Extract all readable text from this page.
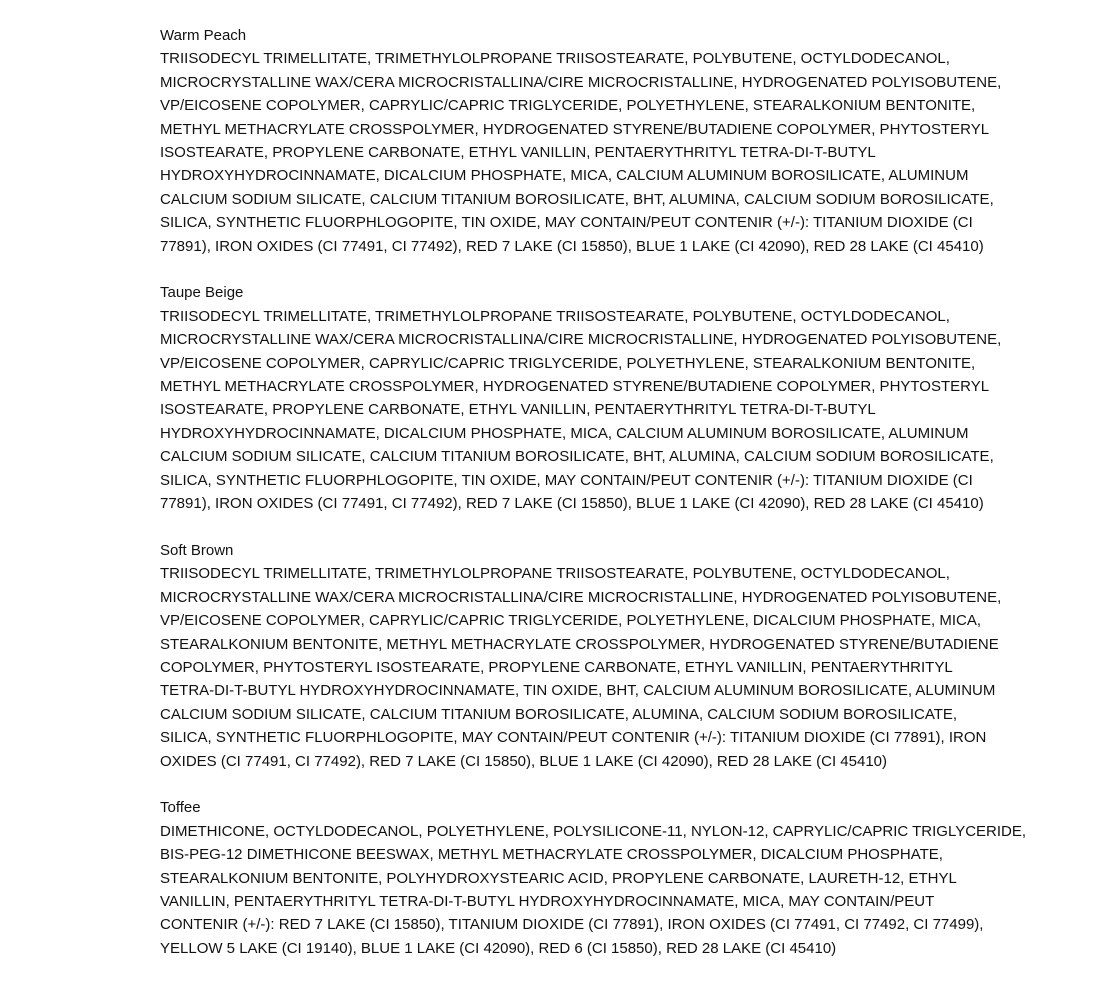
Warm Peach
TRIISODECYL TRIMELLITATE, TRIMETHYLOLPROPANE TRIISOSTEARATE, POLYBUTENE, OCTYLDODECANOL,
MICROCRYSTALLINE WAX/CERA MICROCRISTALLINA/CIRE MICROCRISTALLINE, HYDROGENATED POLYISOBUTENE,
VP/EICOSENE COPOLYMER, CAPRYLIC/CAPRIC TRIGLYCERIDE, POLYETHYLENE, STEARALKONIUM BENTONITE,
METHYL METHACRYLATE CROSSPOLYMER, HYDROGENATED STYRENE/BUTADIENE COPOLYMER, PHYTOSTERYL
ISOSTEARATE, PROPYLENE CARBONATE, ETHYL VANILLIN, PENTAERYTHRITYL TETRA-DI-T-BUTYL
HYDROXYHYDROCINNAMATE, DICALCIUM PHOSPHATE, MICA, CALCIUM ALUMINUM BOROSILICATE, ALUMINUM
CALCIUM SODIUM SILICATE, CALCIUM TITANIUM BOROSILICATE, BHT, ALUMINA, CALCIUM SODIUM BOROSILICATE,
SILICA, SYNTHETIC FLUORPHLOGOPITE, TIN OXIDE, MAY CONTAIN/PEUT CONTENIR (+/-): TITANIUM DIOXIDE (CI
77891), IRON OXIDES (CI 77491, CI 77492), RED 7 LAKE (CI 15850), BLUE 1 LAKE (CI 42090), RED 28 LAKE (CI 45410)
Taupe Beige
TRIISODECYL TRIMELLITATE, TRIMETHYLOLPROPANE TRIISOSTEARATE, POLYBUTENE, OCTYLDODECANOL,
MICROCRYSTALLINE WAX/CERA MICROCRISTALLINA/CIRE MICROCRISTALLINE, HYDROGENATED POLYISOBUTENE,
VP/EICOSENE COPOLYMER, CAPRYLIC/CAPRIC TRIGLYCERIDE, POLYETHYLENE, STEARALKONIUM BENTONITE,
METHYL METHACRYLATE CROSSPOLYMER, HYDROGENATED STYRENE/BUTADIENE COPOLYMER, PHYTOSTERYL
ISOSTEARATE, PROPYLENE CARBONATE, ETHYL VANILLIN, PENTAERYTHRITYL TETRA-DI-T-BUTYL
HYDROXYHYDROCINNAMATE, DICALCIUM PHOSPHATE, MICA, CALCIUM ALUMINUM BOROSILICATE, ALUMINUM
CALCIUM SODIUM SILICATE, CALCIUM TITANIUM BOROSILICATE, BHT, ALUMINA, CALCIUM SODIUM BOROSILICATE,
SILICA, SYNTHETIC FLUORPHLOGOPITE, TIN OXIDE, MAY CONTAIN/PEUT CONTENIR (+/-): TITANIUM DIOXIDE (CI
77891), IRON OXIDES (CI 77491, CI 77492), RED 7 LAKE (CI 15850), BLUE 1 LAKE (CI 42090), RED 28 LAKE (CI 45410)
Soft Brown
TRIISODECYL TRIMELLITATE, TRIMETHYLOLPROPANE TRIISOSTEARATE, POLYBUTENE, OCTYLDODECANOL,
MICROCRYSTALLINE WAX/CERA MICROCRISTALLINA/CIRE MICROCRISTALLINE, HYDROGENATED POLYISOBUTENE,
VP/EICOSENE COPOLYMER, CAPRYLIC/CAPRIC TRIGLYCERIDE, POLYETHYLENE, DICALCIUM PHOSPHATE, MICA,
STEARALKONIUM BENTONITE, METHYL METHACRYLATE CROSSPOLYMER, HYDROGENATED STYRENE/BUTADIENE
COPOLYMER, PHYTOSTERYL ISOSTEARATE, PROPYLENE CARBONATE, ETHYL VANILLIN, PENTAERYTHRITYL
TETRA-DI-T-BUTYL HYDROXYHYDROCINNAMATE, TIN OXIDE, BHT, CALCIUM ALUMINUM BOROSILICATE, ALUMINUM
CALCIUM SODIUM SILICATE, CALCIUM TITANIUM BOROSILICATE, ALUMINA, CALCIUM SODIUM BOROSILICATE,
SILICA, SYNTHETIC FLUORPHLOGOPITE, MAY CONTAIN/PEUT CONTENIR (+/-): TITANIUM DIOXIDE (CI 77891), IRON
OXIDES (CI 77491, CI 77492), RED 7 LAKE (CI 15850), BLUE 1 LAKE (CI 42090), RED 28 LAKE (CI 45410)
Toffee
DIMETHICONE, OCTYLDODECANOL, POLYETHYLENE, POLYSILICONE-11, NYLON-12, CAPRYLIC/CAPRIC TRIGLYCERIDE,
BIS-PEG-12 DIMETHICONE BEESWAX, METHYL METHACRYLATE CROSSPOLYMER, DICALCIUM PHOSPHATE,
STEARALKONIUM BENTONITE, POLYHYDROXYSTEARIC ACID, PROPYLENE CARBONATE, LAURETH-12, ETHYL
VANILLIN, PENTAERYTHRITYL TETRA-DI-T-BUTYL HYDROXYHYDROCINNAMATE, MICA, MAY CONTAIN/PEUT
CONTENIR (+/-): RED 7 LAKE (CI 15850), TITANIUM DIOXIDE (CI 77891), IRON OXIDES (CI 77491, CI 77492, CI 77499),
YELLOW 5 LAKE (CI 19140), BLUE 1 LAKE (CI 42090), RED 6 (CI 15850), RED 28 LAKE (CI 45410)
